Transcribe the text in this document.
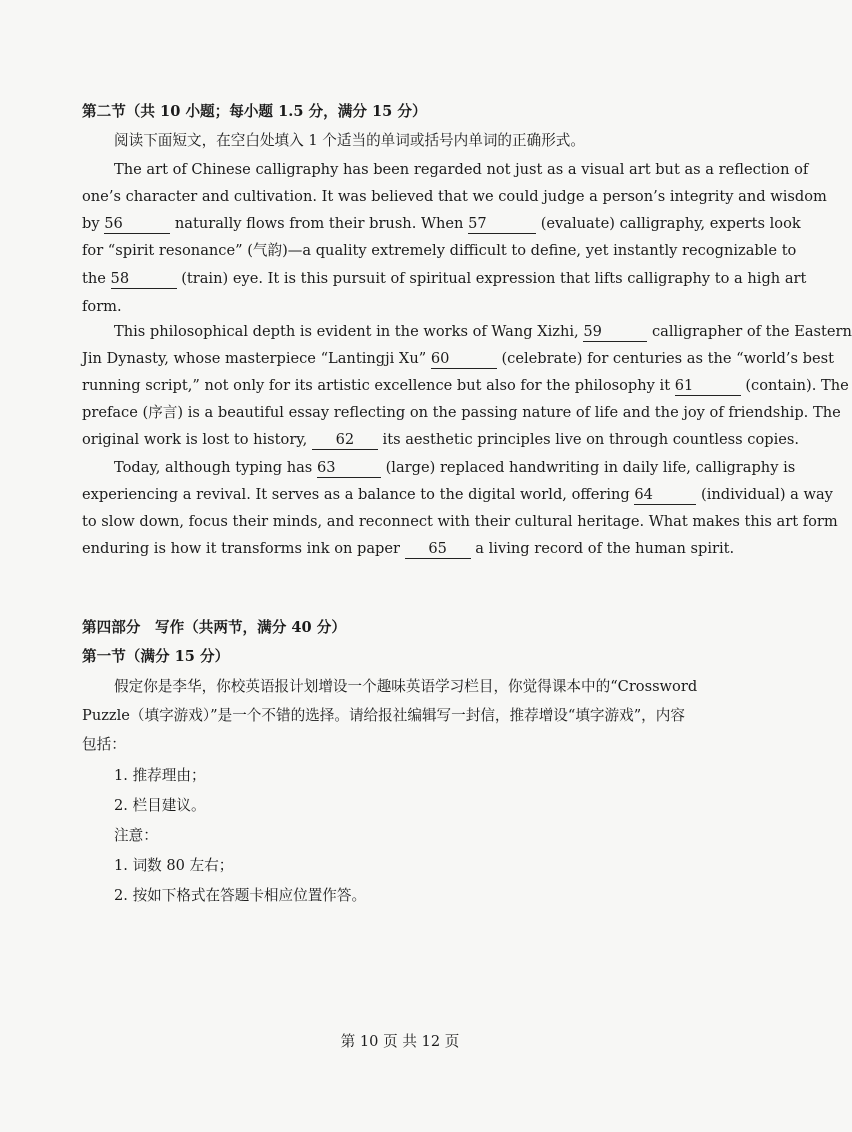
第二节（共 10 小题；每小题 1.5 分，满分 15 分）
阅读下面短文，在空白处填入 1 个适当的单词或括号内单词的正确形式。
The art of Chinese calligraphy has been regarded not just as a visual art but as a reflection of
one’s character and cultivation. It was believed that we could judge a person’s integrity and wisdom
by 56	naturally flows from their brush. When 57	(evaluate) calligraphy, experts look
for “spirit resonance” (气韵)—a quality extremely difficult to define, yet instantly recognizable to
the 58	(train) eye. It is this pursuit of spiritual expression that lifts calligraphy to a high art
form.
This philosophical depth is evident in the works of Wang Xizhi, 59	calligrapher of the Eastern
Jin Dynasty, whose masterpiece “Lantingji Xu” 60	(celebrate) for centuries as the “world’s best
running script,” not only for its artistic excellence but also for the philosophy it 61	(contain). The
preface (序言) is a beautiful essay reflecting on the passing nature of life and the joy of friendship. The
original work is lost to history, 62 its aesthetic principles live on through countless copies.
Today, although typing has 63	(large) replaced handwriting in daily life, calligraphy is
experiencing a revival. It serves as a balance to the digital world, offering 64	(individual) a way
to slow down, focus their minds, and reconnect with their cultural heritage. What makes this art form
enduring is how it transforms ink on paper 65 a living record of the human spirit.
第四部分　写作（共两节，满分 40 分）
第一节（满分 15 分）
假定你是李华，你校英语报计划增设一个趣味英语学习栏目，你觉得课本中的“Crossword
Puzzle（填字游戏）”是一个不错的选择。请给报社编辑写一封信，推荐增设“填字游戏”，内容
包括：
1. 推荐理由；
2. 栏目建议。
注意：
1. 词数 80 左右；
2. 按如下格式在答题卡相应位置作答。
第 10 页 共 12 页
